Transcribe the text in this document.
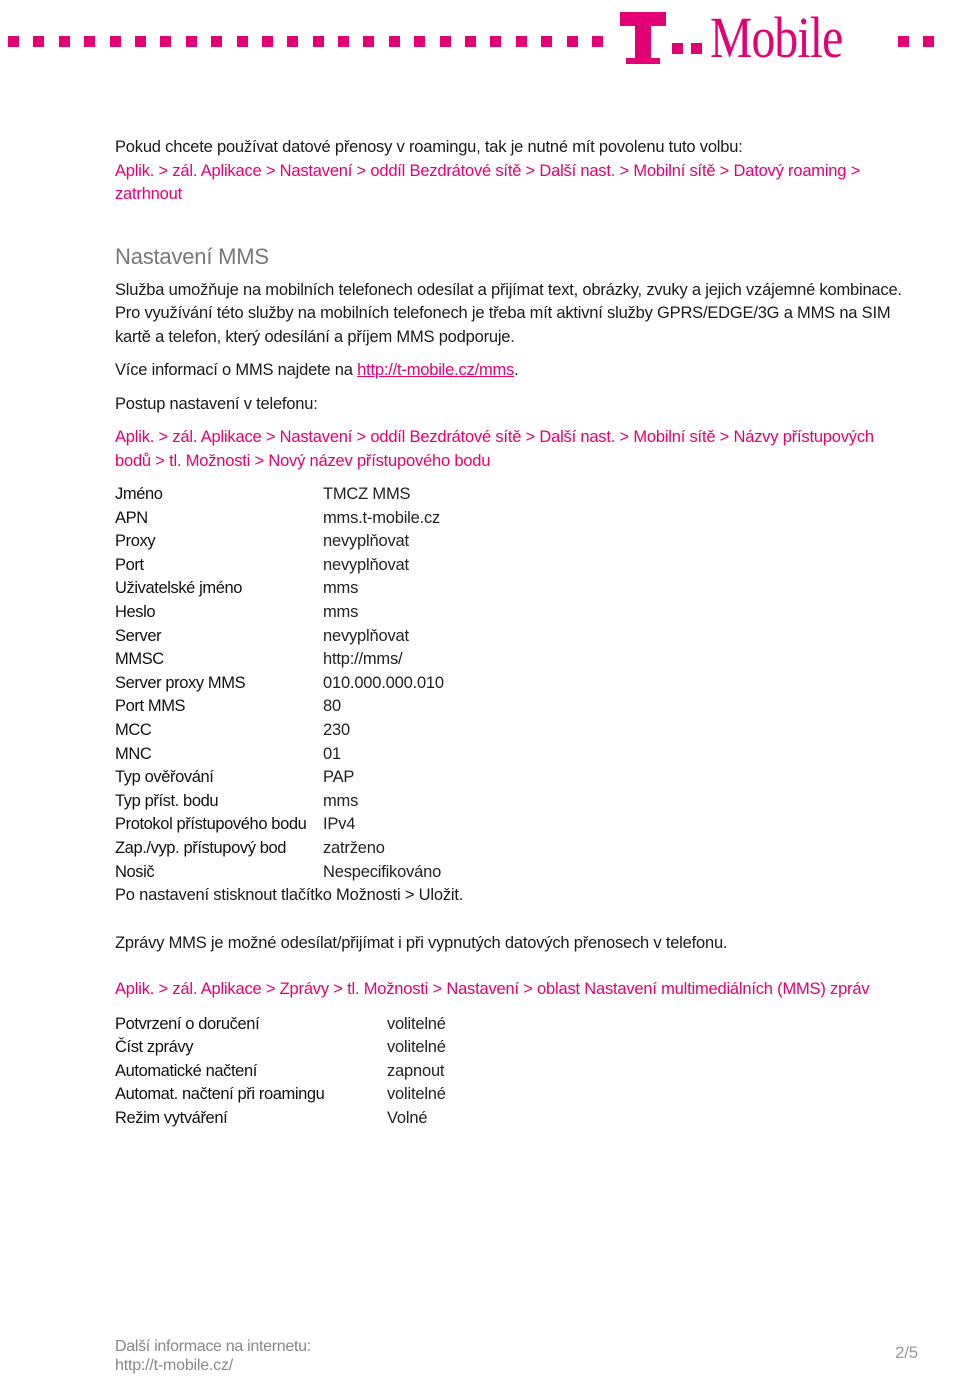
Mobile
Pokud chcete používat datové přenosy v roamingu, tak je nutné mít povolenu tuto volbu:
Aplik. > zál. Aplikace > Nastavení > oddíl Bezdrátové sítě > Další nast. > Mobilní sítě > Datový roaming >
zatrhnout
Nastavení MMS
Služba umožňuje na mobilních telefonech odesílat a přijímat text, obrázky, zvuky a jejich vzájemné kombinace.
Pro využívání této služby na mobilních telefonech je třeba mít aktivní služby GPRS/EDGE/3G a MMS na SIM
kartě a telefon, který odesílání a příjem MMS podporuje.
Více informací o MMS najdete na http://t-mobile.cz/mms.
Postup nastavení v telefonu:
Aplik. > zál. Aplikace > Nastavení > oddíl Bezdrátové sítě > Další nast. > Mobilní sítě > Názvy přístupových
bodů > tl. Možnosti > Nový název přístupového bodu
Jméno	TMCZ MMS
APN	mms.t-mobile.cz
Proxy	nevyplňovat
Port	nevyplňovat
Uživatelské jméno	mms
Heslo	mms
Server	nevyplňovat
MMSC	http://mms/
Server proxy MMS	010.000.000.010
Port MMS	80
MCC	230
MNC	01
Typ ověřování	PAP
Typ příst. bodu	mms
Protokol přístupového bodu	IPv4
Zap./vyp. přístupový bod	zatrženo
Nosič	Nespecifikováno
Po nastavení stisknout tlačítko Možnosti > Uložit.
Zprávy MMS je možné odesílat/přijímat i při vypnutých datových přenosech v telefonu.
Aplik. > zál. Aplikace > Zprávy > tl. Možnosti > Nastavení > oblast Nastavení multimediálních (MMS) zpráv
Potvrzení o doručení	volitelné
Číst zprávy	volitelné
Automatické načtení	zapnout
Automat. načtení při roamingu	volitelné
Režim vytváření	Volné
Další informace na internetu:
http://t-mobile.cz/
2/5
